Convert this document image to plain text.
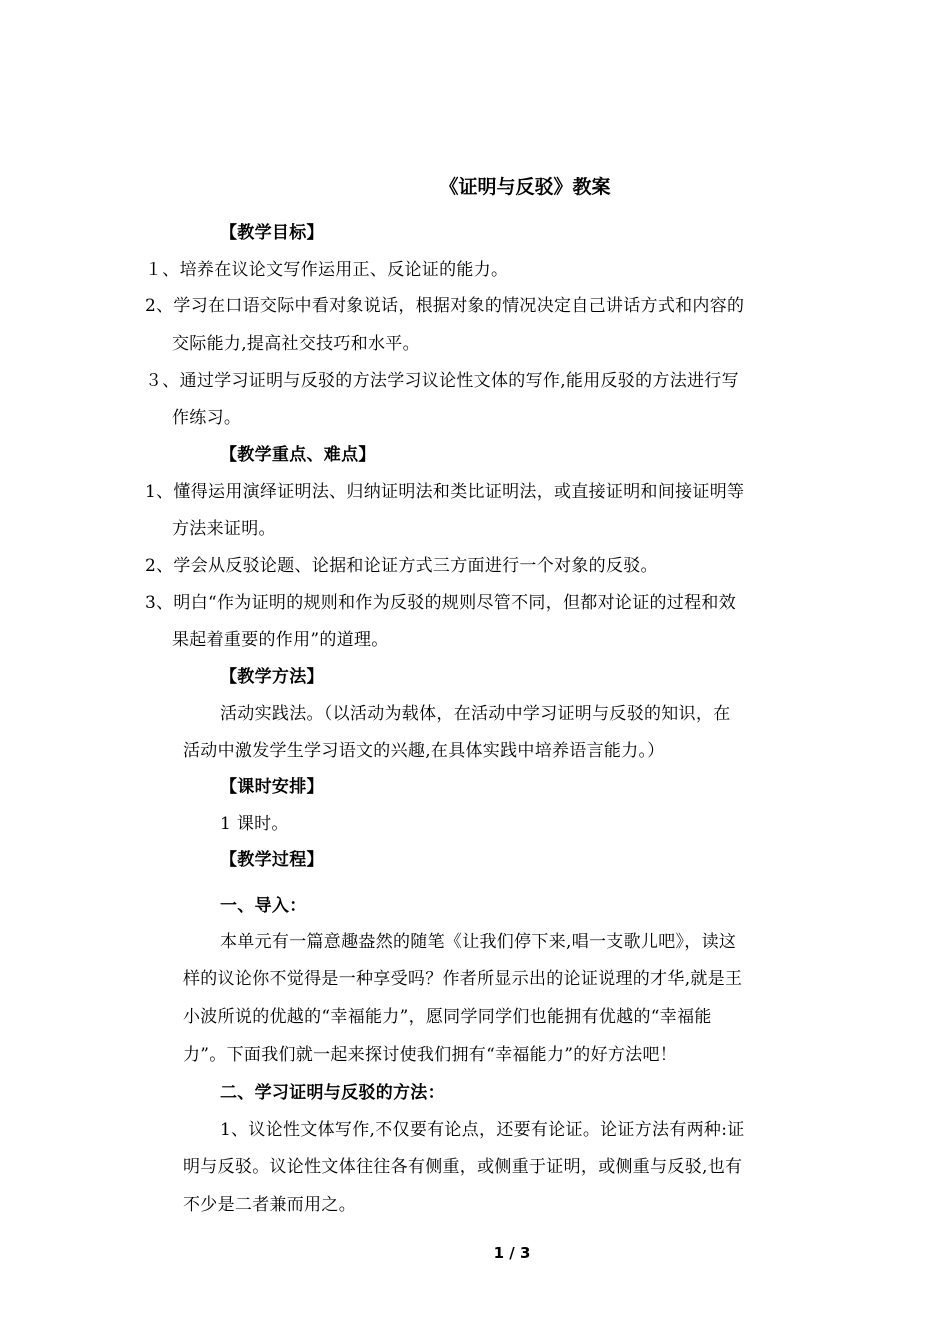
《证明与反驳》教案
【教学目标】
１、培养在议论文写作运用正、反论证的能力。
2、学习在口语交际中看对象说话，根据对象的情况决定自己讲话方式和内容的
交际能力,提高社交技巧和水平。
３、通过学习证明与反驳的方法学习议论性文体的写作,能用反驳的方法进行写
作练习。
【教学重点、难点】
1、懂得运用演绎证明法、归纳证明法和类比证明法，或直接证明和间接证明等
方法来证明。
2、学会从反驳论题、论据和论证方式三方面进行一个对象的反驳。
3、明白“作为证明的规则和作为反驳的规则尽管不同，但都对论证的过程和效
果起着重要的作用”的道理。
【教学方法】
活动实践法。（以活动为载体，在活动中学习证明与反驳的知识，在
活动中激发学生学习语文的兴趣,在具体实践中培养语言能力。）
【课时安排】
1 课时。
【教学过程】
一、导入：
本单元有一篇意趣盎然的随笔《让我们停下来,唱一支歌儿吧》，读这
样的议论你不觉得是一种享受吗？作者所显示出的论证说理的才华,就是王
小波所说的优越的“幸福能力”，愿同学同学们也能拥有优越的“幸福能
力”。下面我们就一起来探讨使我们拥有“幸福能力”的好方法吧！
二、学习证明与反驳的方法：
1、议论性文体写作,不仅要有论点，还要有论证。论证方法有两种:证
明与反驳。议论性文体往往各有侧重，或侧重于证明，或侧重与反驳,也有
不少是二者兼而用之。
1 / 3
